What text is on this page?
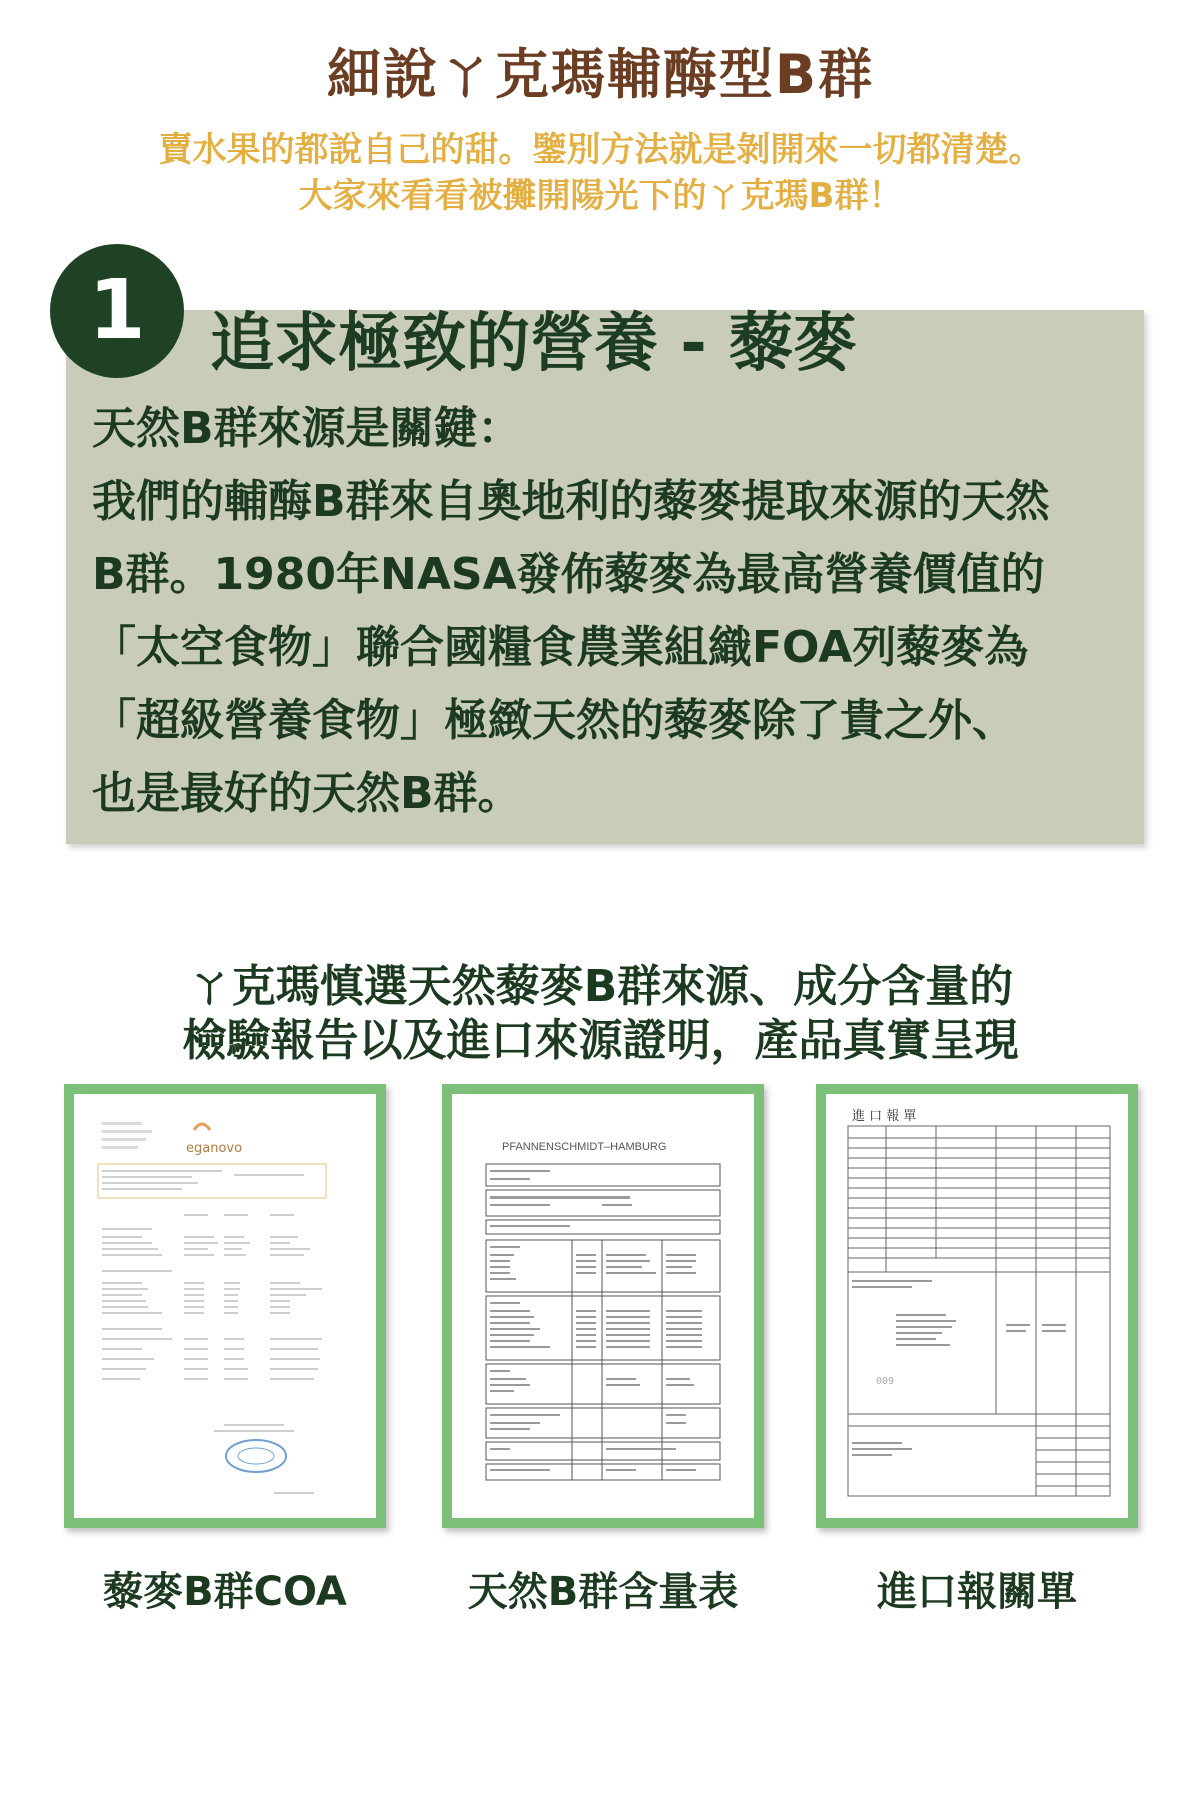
細說ㄚ克瑪輔酶型B群
賣水果的都說自己的甜。鑒別方法就是剝開來一切都清楚。
大家來看看被攤開陽光下的ㄚ克瑪B群！
1	追求極致的營養 - 藜麥
天然B群來源是關鍵：
我們的輔酶B群來自奧地利的藜麥提取來源的天然
B群。1980年NASA發佈藜麥為最高營養價值的
「太空食物」聯合國糧食農業組織FOA列藜麥為
「超級營養食物」極緻天然的藜麥除了貴之外、
也是最好的天然B群。
ㄚ克瑪慎選天然藜麥B群來源、成分含量的
檢驗報告以及進口來源證明，產品真實呈現
eganovo	PFANNENSCHMIDT–HAMBURG
進 口 報 單
009
藜麥B群COA	天然B群含量表	進口報關單
